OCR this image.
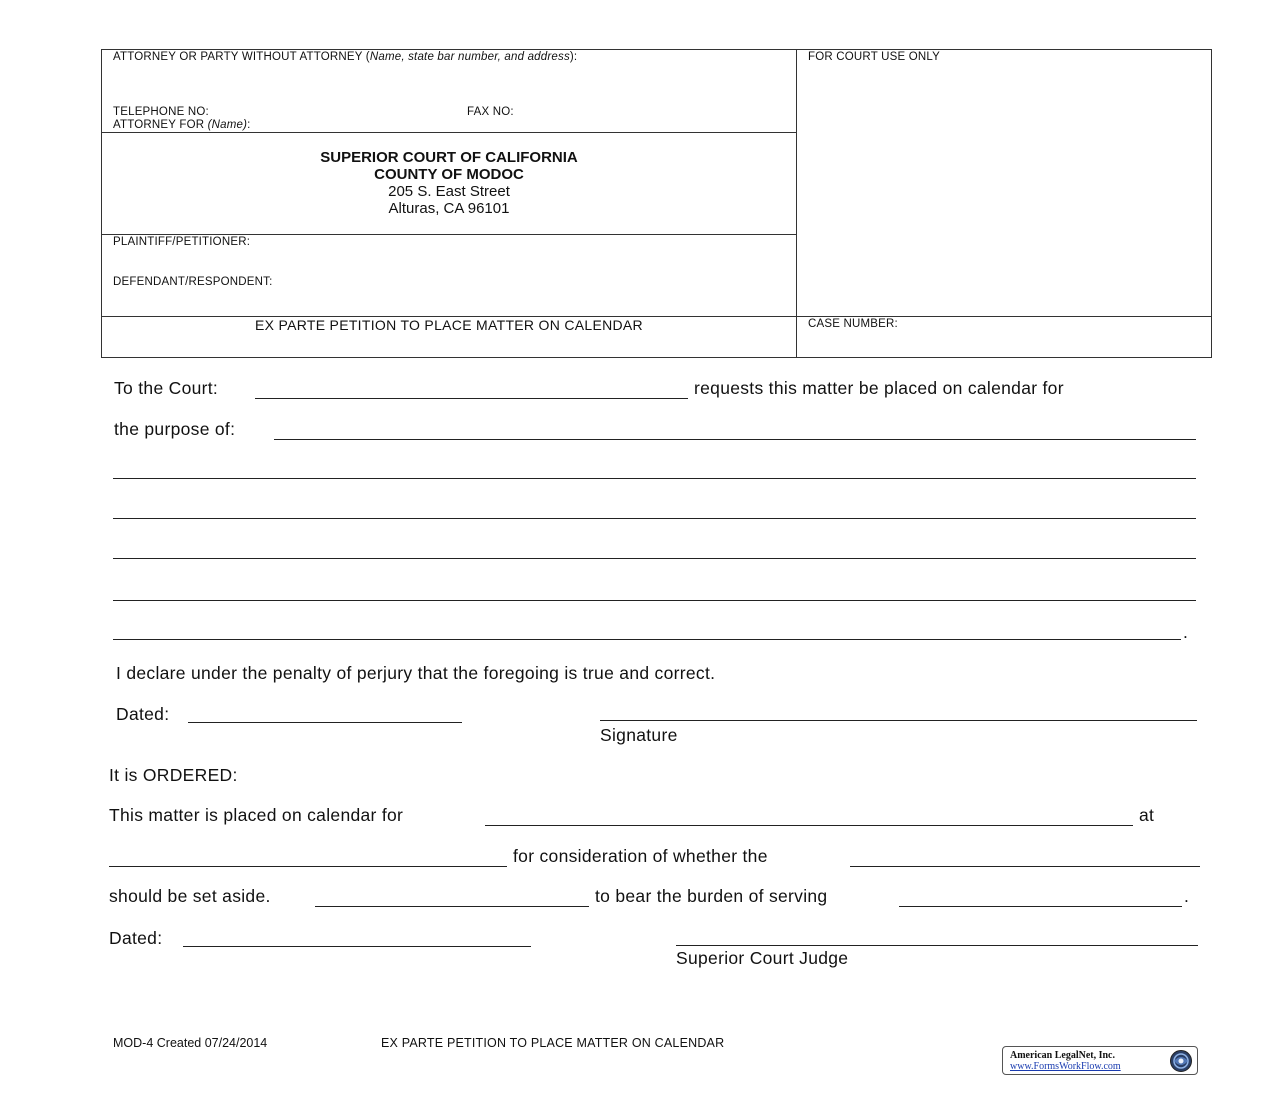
ATTORNEY OR PARTY WITHOUT ATTORNEY (Name, state bar number, and address):
TELEPHONE NO:	FAX NO:
ATTORNEY FOR (Name):
FOR COURT USE ONLY
SUPERIOR COURT OF CALIFORNIA
COUNTY OF MODOC
205 S. East Street
Alturas, CA 96101
PLAINTIFF/PETITIONER:
DEFENDANT/RESPONDENT:
EX PARTE PETITION TO PLACE MATTER ON CALENDAR	CASE NUMBER:
To the Court:	requests this matter be placed on calendar for
the purpose of:
.
I declare under the penalty of perjury that the foregoing is true and correct.
Dated:
Signature
It is ORDERED:
This matter is placed on calendar for	at
for consideration of whether the
should be set aside.	to bear the burden of serving	.
Dated:
Superior Court Judge
MOD-4 Created 07/24/2014	EX PARTE PETITION TO PLACE MATTER ON CALENDAR
American LegalNet, Inc.
www.FormsWorkFlow.com
